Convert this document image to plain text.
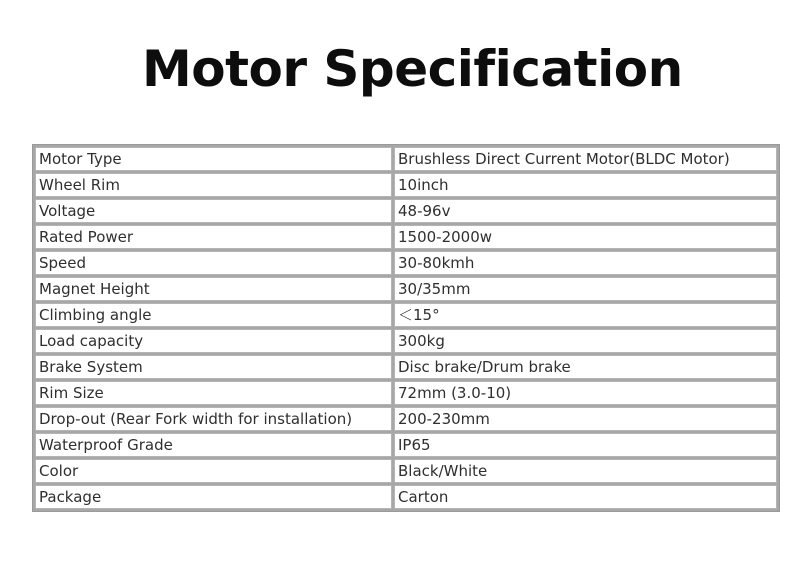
Motor Specification
Motor Type	Brushless Direct Current Motor(BLDC Motor)
Wheel Rim	10inch
Voltage	48-96v
Rated Power	1500-2000w
Speed	30-80kmh
Magnet Height	30/35mm
Climbing angle	＜15°
Load capacity	300kg
Brake System	Disc brake/Drum brake
Rim Size	72mm (3.0-10)
Drop-out (Rear Fork width for installation)	200-230mm
Waterproof Grade	IP65
Color	Black/White
Package	Carton
